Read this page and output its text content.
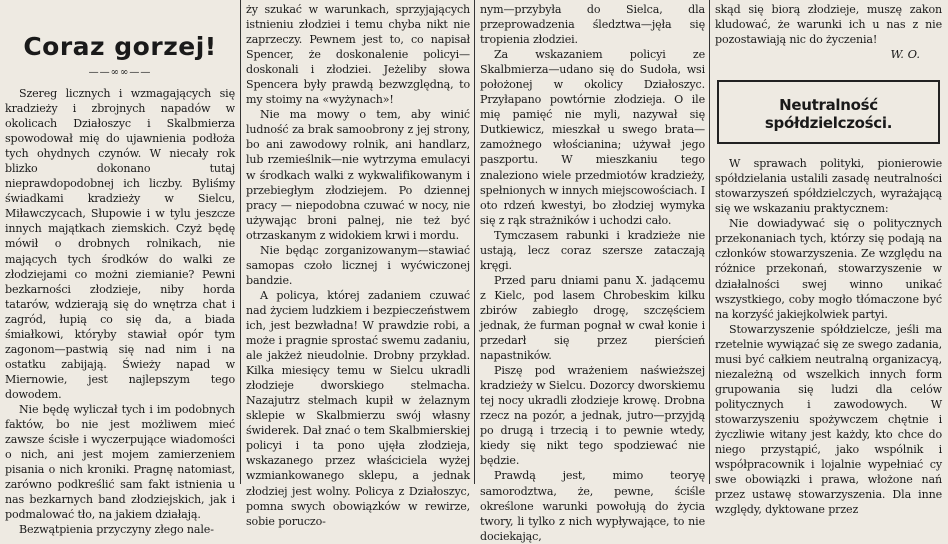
Coraz gorzej!
——∞∞——

Szereg licznych i wzmagających się kradzieży i zbrojnych napadów w okolicach Działoszyc i Skalbmierza spowodował mię do ujawnienia podłoża tych ohydnych czynów. W niecały rok blizko dokonano tutaj nieprawdopodobnej ich liczby. Byliśmy świadkami kradzieży w Sielcu, Miławczycach, Słupowie i w tylu jeszcze innych majątkach ziemskich. Czyż będę mówił o drobnych rolnikach, nie mających tych środków do walki ze złodziejami co możni ziemianie? Pewni bezkarności złodzieje, niby horda tatarów, wdzierają się do wnętrza chat i zagród, łupią co się da, a biada śmiałkowi, któryby stawiał opór tym zagonom—pastwią się nad nim i na ostatku zabijają. Świeży napad w Miernowie, jest najlepszym tego dowodem.

Nie będę wyliczał tych i im podobnych faktów, bo nie jest możliwem mieć zawsze ścisłe i wyczerpujące wiadomości o nich, ani jest mojem zamierzeniem pisania o nich kroniki. Pragnę natomiast, zarówno podkreślić sam fakt istnienia u nas bezkarnych band złodziejskich, jak i podmalować tło, na jakiem działają.

Bezwątpienia przyczyny złego nale-

ży szukać w warunkach, sprzyjających istnieniu złodziei i temu chyba nikt nie zaprzeczy. Pewnem jest to, co napisał Spencer, że doskonalenie policyi—doskonali i złodziei. Jeżeliby słowa Spencera były prawdą bezwzględną, to my stoimy na «wyżynach»!

Nie ma mowy o tem, aby winić ludność za brak samoobrony z jej strony, bo ani zawodowy rolnik, ani handlarz, lub rzemieślnik—nie wytrzyma emulacyi w środkach walki z wykwalifikowanym i przebiegłym złodziejem. Po dziennej pracy — niepodobna czuwać w nocy, nie używając broni palnej, nie też być otrzaskanym z widokiem krwi i mordu.

Nie będąc zorganizowanym—stawiać samopas czoło licznej i wyćwiczonej bandzie.

A policya, której zadaniem czuwać nad życiem ludzkiem i bezpieczeństwem ich, jest bezwładna! W prawdzie robi, a może i pragnie sprostać swemu zadaniu, ale jakżeż nieudolnie. Drobny przykład. Kilka miesięcy temu w Sielcu ukradli złodzieje dworskiego stelmacha. Nazajutrz stelmach kupił w żelaznym sklepie w Skalbmierzu swój własny świderek. Dał znać o tem Skalbmierskiej policyi i ta pono ujęła złodzieja, wskazanego przez właściciela wyżej wzmiankowanego sklepu, a jednak złodziej jest wolny. Policya z Działoszyc, pomna swych obowiązków w rewirze, sobie poruczo-

nym—przybyła do Sielca, dla przeprowadzenia śledztwa—jęła się tropienia złodziei.

Za wskazaniem policyi ze Skalbmierza—udano się do Sudoła, wsi położonej w okolicy Działoszyc. Przyłapano powtórnie złodzieja. O ile mię pamięć nie myli, nazywał się Dutkiewicz, mieszkał u swego brata—zamożnego włościanina; używał jego paszportu. W mieszkaniu tego znaleziono wiele przedmiotów kradzieży, spełnionych w innych miejscowościach. I oto rdzeń kwestyi, bo złodziej wymyka się z rąk strażników i uchodzi cało.

Tymczasem rabunki i kradzieże nie ustają, lecz coraz szersze zataczają kręgi.

Przed paru dniami panu X. jadącemu z Kielc, pod lasem Chrobeskim kilku zbirów zabiegło drogę, szczęściem jednak, że furman pognał w cwał konie i przedarł się przez pierścień napastników.

Piszę pod wrażeniem naświeższej kradzieży w Sielcu. Dozorcy dworskiemu tej nocy ukradli złodzieje krowę. Drobna rzecz na pozór, a jednak, jutro—przyjdą po drugą i trzecią i to pewnie wtedy, kiedy się nikt tego spodziewać nie będzie.

Prawdą jest, mimo teoryę samorodztwa, że, pewne, ściśle określone warunki powołują do życia twory, li tylko z nich wypływające, to nie dociekając,

skąd się biorą złodzieje, muszę zakon kludować, że warunki ich u nas z nie pozostawiają nic do życzenia!

W. O.
Neutralność spółdzielczości.

W sprawach polityki, pionierowie spółdzielania ustalili zasadę neutralności stowarzyszeń spółdzielczych, wyrażającą się we wskazaniu praktycznem:

Nie dowiadywać się o politycznych przekonaniach tych, którzy się podają na członków stowarzyszenia. Ze względu na różnice przekonań, stowarzyszenie w działalności swej winno unikać wszystkiego, coby mogło tłómaczone być na korzyść jakiejkolwiek partyi.

Stowarzyszenie spółdzielcze, jeśli ma rzetelnie wywiązać się ze swego zadania, musi być całkiem neutralną organizacyą, niezależną od wszelkich innych form grupowania się ludzi dla celów politycznych i zawodowych. W stowarzyszeniu spożywczem chętnie i życzliwie witany jest każdy, kto chce do niego przystąpić, jako wspólnik i współpracownik i lojalnie wypełniać cy swe obowiązki i prawa, włożone nań przez ustawę stowarzyszenia. Dla inne względy, dyktowane przez
